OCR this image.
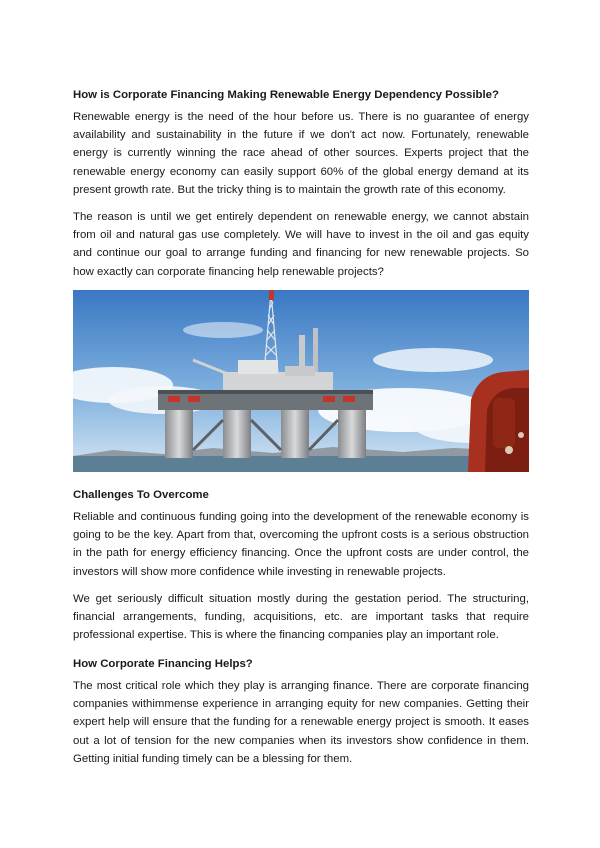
How is Corporate Financing Making Renewable Energy Dependency Possible?

Renewable energy is the need of the hour before us. There is no guarantee of energy availability and sustainability in the future if we don't act now. Fortunately, renewable energy is currently winning the race ahead of other sources. Experts project that the renewable energy economy can easily support 60% of the global energy demand at its present growth rate. But the tricky thing is to maintain the growth rate of this economy.

The reason is until we get entirely dependent on renewable energy, we cannot abstain from oil and natural gas use completely. We will have to invest in the oil and gas equity and continue our goal to arrange funding and financing for new renewable projects. So how exactly can corporate financing help renewable projects?

Challenges To Overcome

Reliable and continuous funding going into the development of the renewable economy is going to be the key. Apart from that, overcoming the upfront costs is a serious obstruction in the path for energy efficiency financing. Once the upfront costs are under control, the investors will show more confidence while investing in renewable projects.

We get seriously difficult situation mostly during the gestation period. The structuring, financial arrangements, funding, acquisitions, etc. are important tasks that require professional expertise. This is where the financing companies play an important role.

How Corporate Financing Helps?

The most critical role which they play is arranging finance. There are corporate financing companies withimmense experience in arranging equity for new companies. Getting their expert help will ensure that the funding for a renewable energy project is smooth. It eases out a lot of tension for the new companies when its investors show confidence in them. Getting initial funding timely can be a blessing for them.
